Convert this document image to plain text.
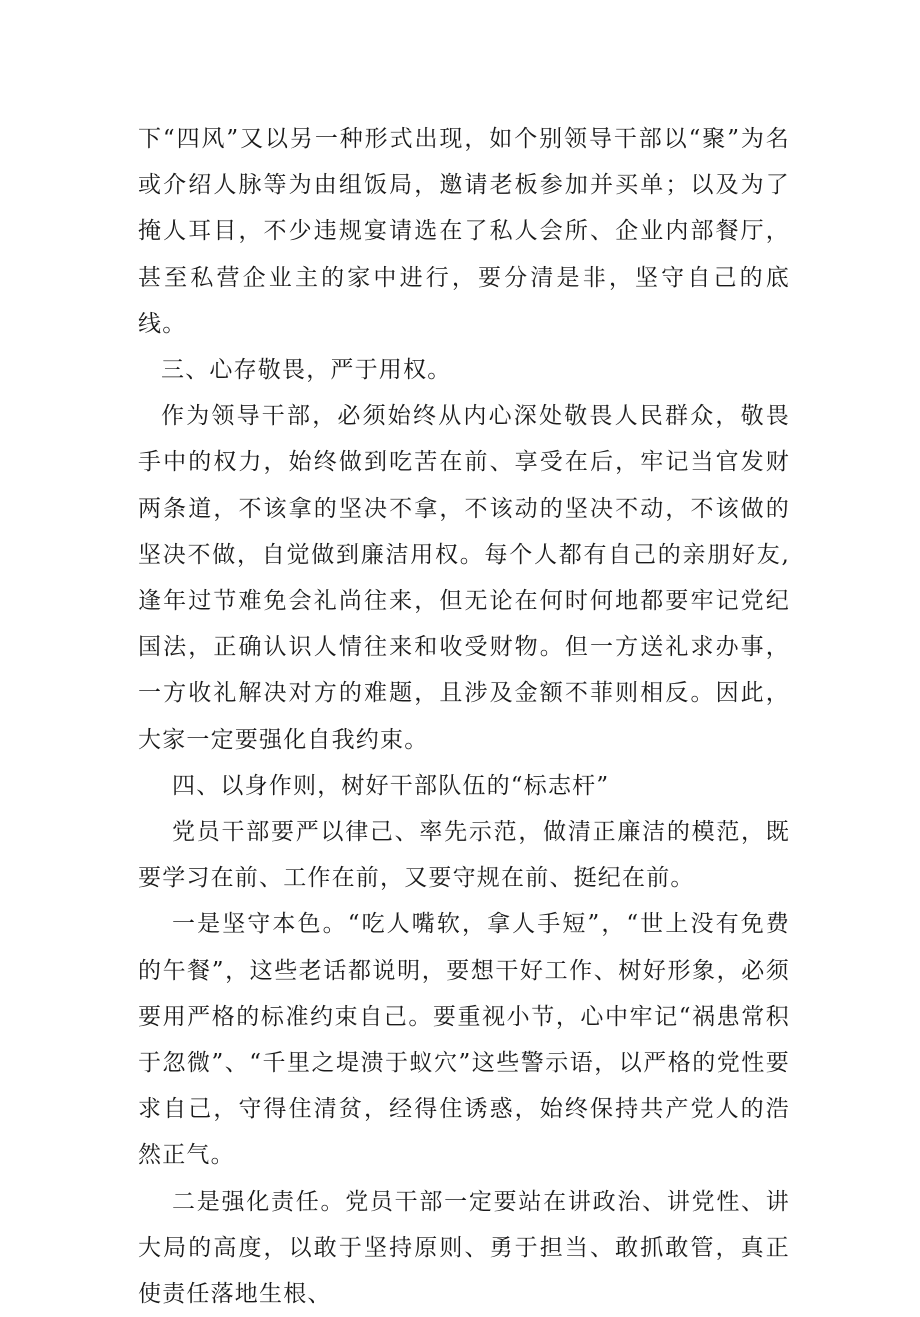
下“四风”又以另一种形式出现，如个别领导干部以“聚”为名或介绍人脉等为由组饭局，邀请老板参加并买单；以及为了掩人耳目，不少违规宴请选在了私人会所、企业内部餐厅，甚至私营企业主的家中进行，要分清是非，坚守自己的底线。

三、心存敬畏，严于用权。

作为领导干部，必须始终从内心深处敬畏人民群众，敬畏手中的权力，始终做到吃苦在前、享受在后，牢记当官发财两条道，不该拿的坚决不拿，不该动的坚决不动，不该做的坚决不做，自觉做到廉洁用权。每个人都有自己的亲朋好友,逢年过节难免会礼尚往来，但无论在何时何地都要牢记党纪国法，正确认识人情往来和收受财物。但一方送礼求办事，一方收礼解决对方的难题，且涉及金额不菲则相反。因此，大家一定要强化自我约束。

四、以身作则，树好干部队伍的“标志杆”

党员干部要严以律己、率先示范，做清正廉洁的模范，既要学习在前、工作在前，又要守规在前、挺纪在前。

一是坚守本色。“吃人嘴软，拿人手短”，“世上没有免费的午餐”，这些老话都说明，要想干好工作、树好形象，必须要用严格的标准约束自己。要重视小节，心中牢记“祸患常积于忽微”、“千里之堤溃于蚁穴”这些警示语，以严格的党性要求自己，守得住清贫，经得住诱惑，始终保持共产党人的浩然正气。

二是强化责任。党员干部一定要站在讲政治、讲党性、讲大局的高度，以敢于坚持原则、勇于担当、敢抓敢管，真正使责任落地生根、
